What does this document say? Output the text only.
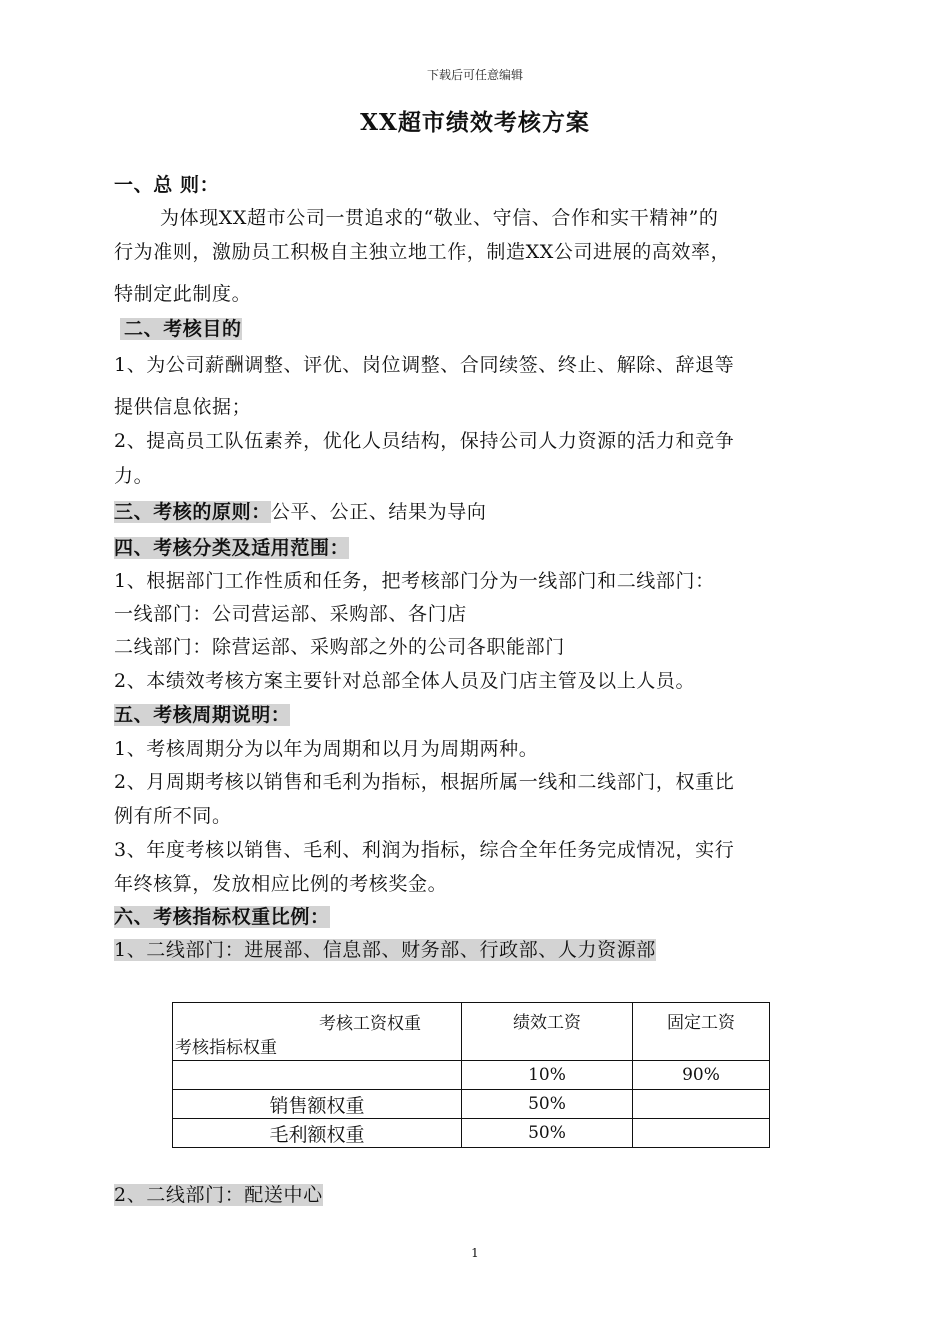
下载后可任意编辑
XX超市绩效考核方案
一、总 则：
为体现XX超市公司一贯追求的“敬业、守信、合作和实干精神”的
行为准则，激励员工积极自主独立地工作，制造XX公司进展的高效率，
特制定此制度。
二、考核目的
1、为公司薪酬调整、评优、岗位调整、合同续签、终止、解除、辞退等
提供信息依据；
2、提高员工队伍素养，优化人员结构，保持公司人力资源的活力和竞争
力。
三、考核的原则：公平、公正、结果为导向
四、考核分类及适用范围：
1、根据部门工作性质和任务，把考核部门分为一线部门和二线部门：
一线部门：公司营运部、采购部、各门店
二线部门：除营运部、采购部之外的公司各职能部门
2、本绩效考核方案主要针对总部全体人员及门店主管及以上人员。
五、考核周期说明：
1、考核周期分为以年为周期和以月为周期两种。
2、月周期考核以销售和毛利为指标，根据所属一线和二线部门，权重比
例有所不同。
3、年度考核以销售、毛利、利润为指标，综合全年任务完成情况，实行
年终核算，发放相应比例的考核奖金。
六、考核指标权重比例：
1、二线部门：进展部、信息部、财务部、行政部、人力资源部
考核工资权重
考核指标权重	绩效工资	固定工资
	10%	90%
销售额权重	50%	
毛利额权重	50%	
2、二线部门：配送中心
1
